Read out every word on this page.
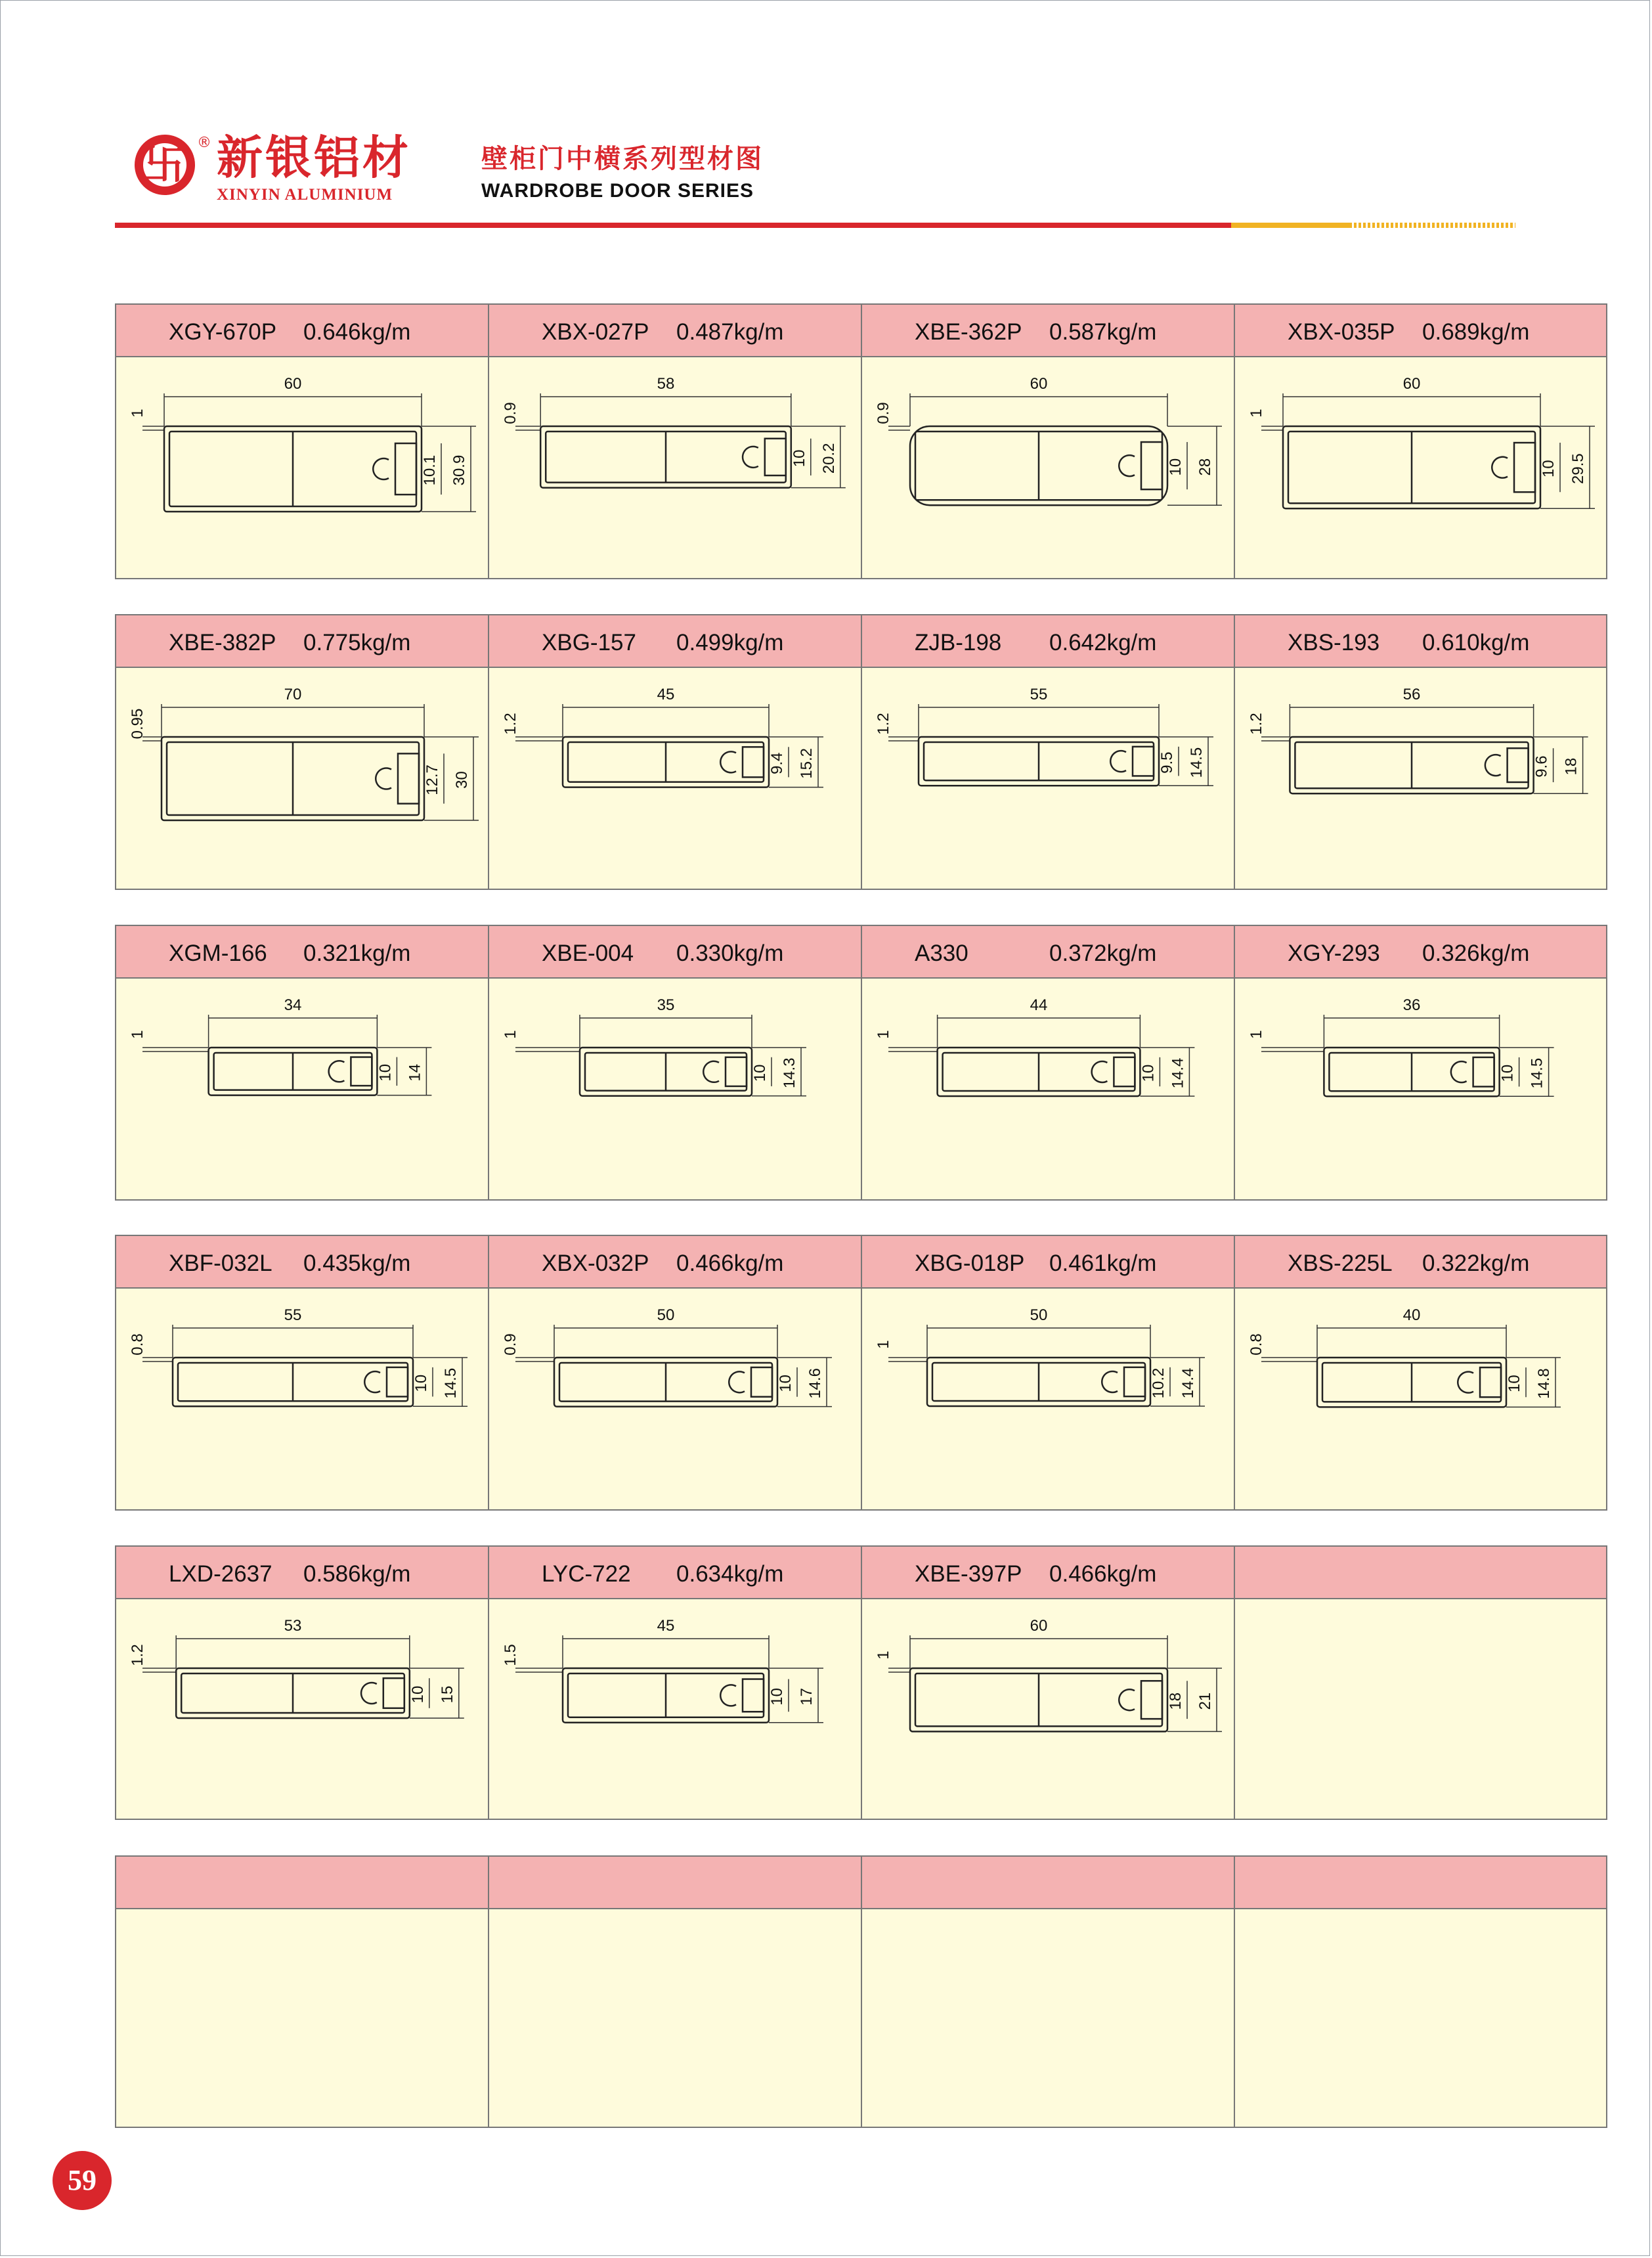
卐 ® 新银铝材
XINYIN ALUMINIUM
壁柜门中横系列型材图
WARDROBE DOOR SERIES
XGY-670P 0.646kg/m
60
1
10.1 30.9
XBX-027P 0.487kg/m
58
0.9
10 20.2
XBE-362P 0.587kg/m
60
0.9
10 28
XBX-035P 0.689kg/m
60
1
10 29.5
XBE-382P 0.775kg/m
70
0.95
12.7 30
XBG-157 0.499kg/m
45
1.2
9.4 15.2
ZJB-198 0.642kg/m
55
1.2
9.5 14.5
XBS-193 0.610kg/m
56
1.2
9.6 18
XGM-166 0.321kg/m
34
1
10 14
XBE-004 0.330kg/m
35
1
10 14.3
A330	0.372kg/m
44
1
10 14.4
XGY-293 0.326kg/m
36
1
10 14.5
XBF-032L 0.435kg/m
55
0.8
10 14.5
XBX-032P 0.466kg/m
50
0.9
10 14.6
XBG-018P 0.461kg/m
50
1
10.2 14.4
XBS-225L 0.322kg/m
40
0.8
10 14.8
LXD-2637 0.586kg/m
53
1.2
10 15
LYC-722 0.634kg/m
45
1.5
10 17
XBE-397P 0.466kg/m
60
1
18 21
59
